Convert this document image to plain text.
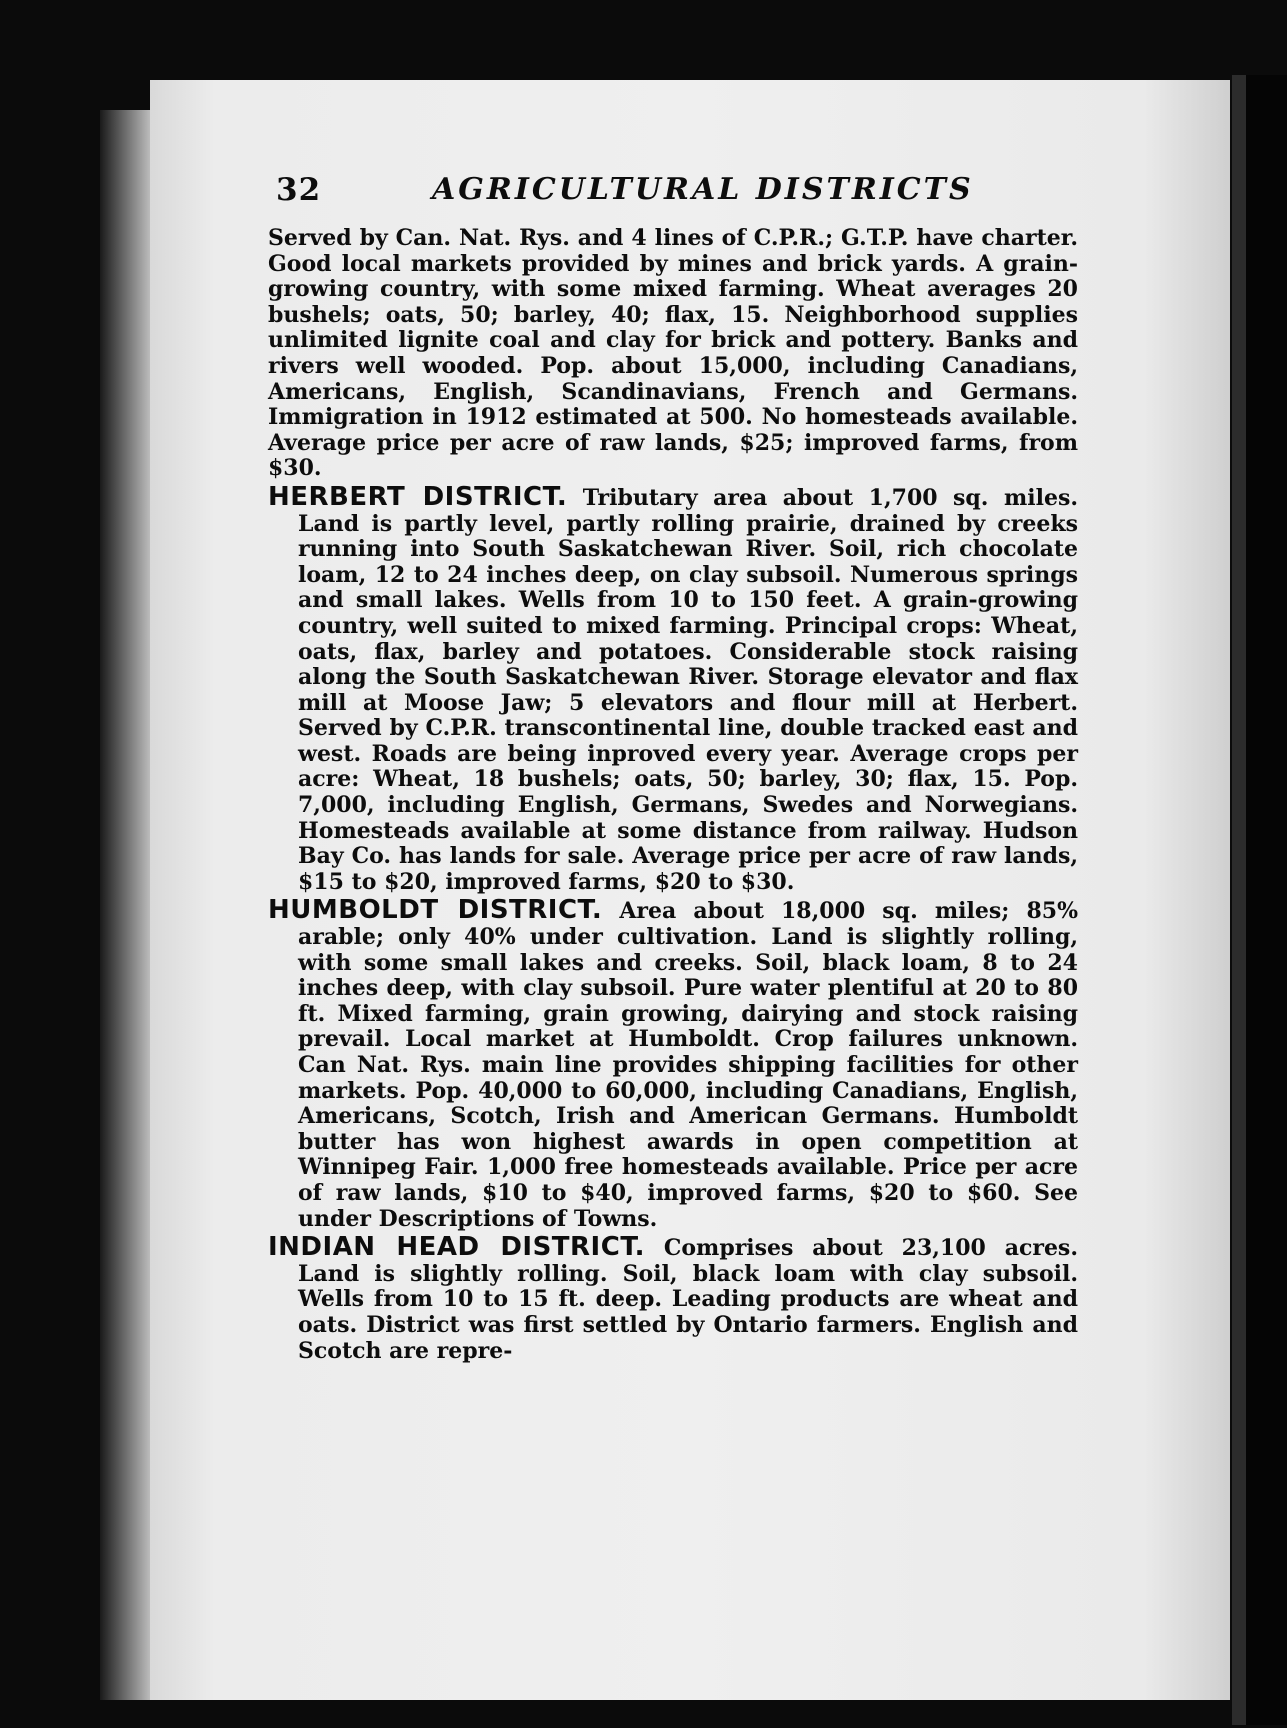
32	AGRICULTURAL DISTRICTS

Served by Can. Nat. Rys. and 4 lines of C.P.R.; G.T.P. have charter. Good local markets provided by mines and brick yards. A grain-growing country, with some mixed farming. Wheat averages 20 bushels; oats, 50; barley, 40; flax, 15. Neighborhood supplies unlimited lignite coal and clay for brick and pottery. Banks and rivers well wooded. Pop. about 15,000, including Canadians, Americans, English, Scandinavians, French and Germans. Immigration in 1912 estimated at 500. No homesteads available. Average price per acre of raw lands, $25; improved farms, from $30.

HERBERT DISTRICT. Tributary area about 1,700 sq. miles. Land is partly level, partly rolling prairie, drained by creeks running into South Saskatchewan River. Soil, rich chocolate loam, 12 to 24 inches deep, on clay subsoil. Numerous springs and small lakes. Wells from 10 to 150 feet. A grain-growing country, well suited to mixed farming. Principal crops: Wheat, oats, flax, barley and potatoes. Considerable stock raising along the South Saskatchewan River. Storage elevator and flax mill at Moose Jaw; 5 elevators and flour mill at Herbert. Served by C.P.R. transcontinental line, double tracked east and west. Roads are being inproved every year. Average crops per acre: Wheat, 18 bushels; oats, 50; barley, 30; flax, 15. Pop. 7,000, including English, Germans, Swedes and Norwegians. Homesteads available at some distance from railway. Hudson Bay Co. has lands for sale. Average price per acre of raw lands, $15 to $20, improved farms, $20 to $30.

HUMBOLDT DISTRICT. Area about 18,000 sq. miles; 85% arable; only 40% under cultivation. Land is slightly rolling, with some small lakes and creeks. Soil, black loam, 8 to 24 inches deep, with clay subsoil. Pure water plentiful at 20 to 80 ft. Mixed farming, grain growing, dairying and stock raising prevail. Local market at Humboldt. Crop failures unknown. Can Nat. Rys. main line provides shipping facilities for other markets. Pop. 40,000 to 60,000, including Canadians, English, Americans, Scotch, Irish and American Germans. Humboldt butter has won highest awards in open competition at Winnipeg Fair. 1,000 free homesteads available. Price per acre of raw lands, $10 to $40, improved farms, $20 to $60. See under Descriptions of Towns.

INDIAN HEAD DISTRICT. Comprises about 23,100 acres. Land is slightly rolling. Soil, black loam with clay subsoil. Wells from 10 to 15 ft. deep. Leading products are wheat and oats. District was first settled by Ontario farmers. English and Scotch are repre-
